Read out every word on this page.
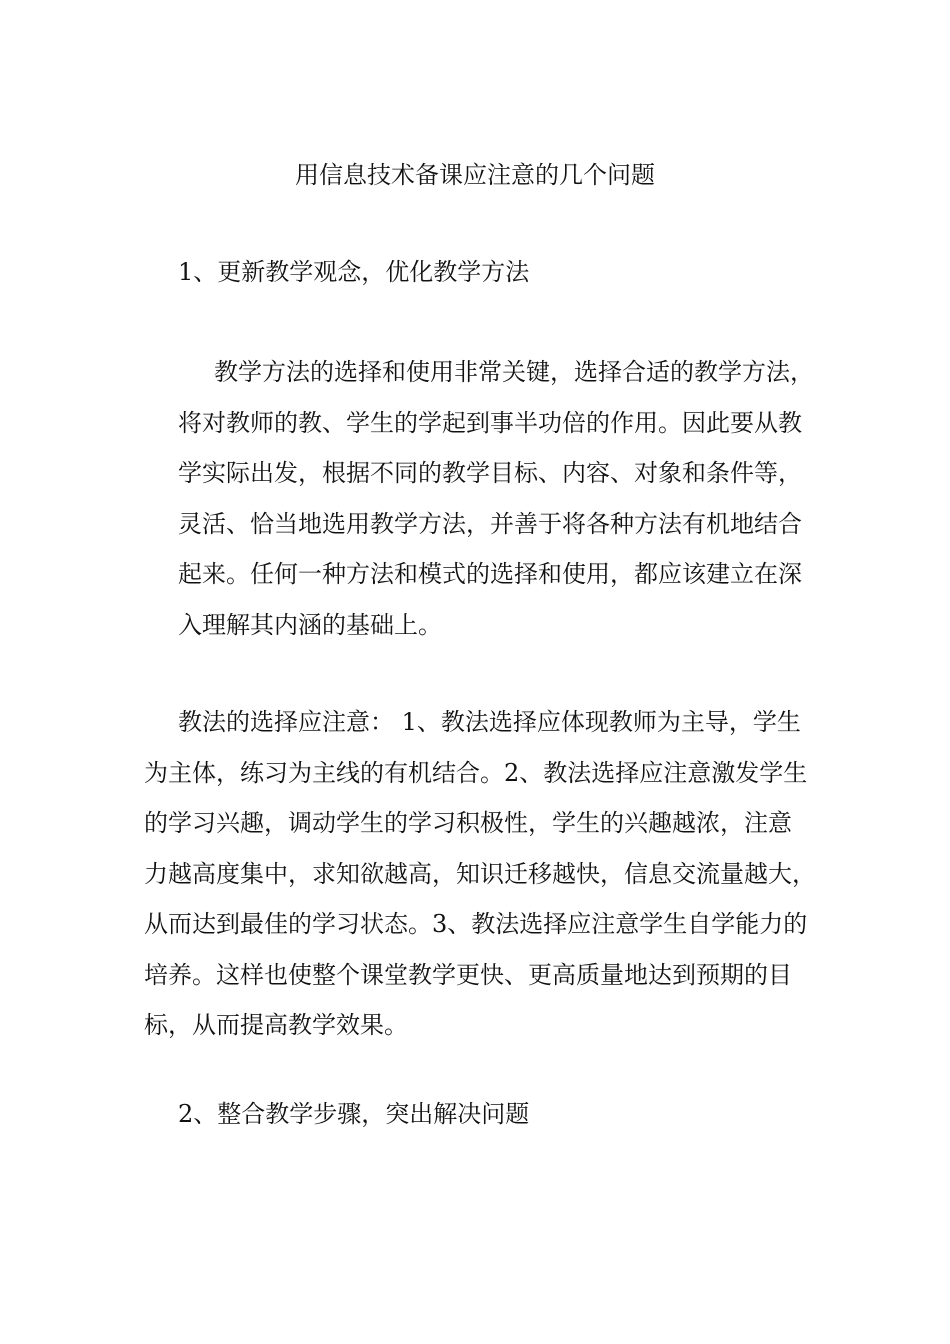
用信息技术备课应注意的几个问题
1、更新教学观念，优化教学方法

教学方法的选择和使用非常关键，选择合适的教学方法，
将对教师的教、学生的学起到事半功倍的作用。因此要从教
学实际出发，根据不同的教学目标、内容、对象和条件等，
灵活、恰当地选用教学方法，并善于将各种方法有机地结合
起来。任何一种方法和模式的选择和使用，都应该建立在深
入理解其内涵的基础上。

教法的选择应注意： 1、教法选择应体现教师为主导，学生
为主体，练习为主线的有机结合。2、教法选择应注意激发学生
的学习兴趣，调动学生的学习积极性，学生的兴趣越浓，注意
力越高度集中，求知欲越高，知识迁移越快，信息交流量越大，
从而达到最佳的学习状态。3、教法选择应注意学生自学能力的
培养。这样也使整个课堂教学更快、更高质量地达到预期的目
标，从而提高教学效果。

2、整合教学步骤，突出解决问题
